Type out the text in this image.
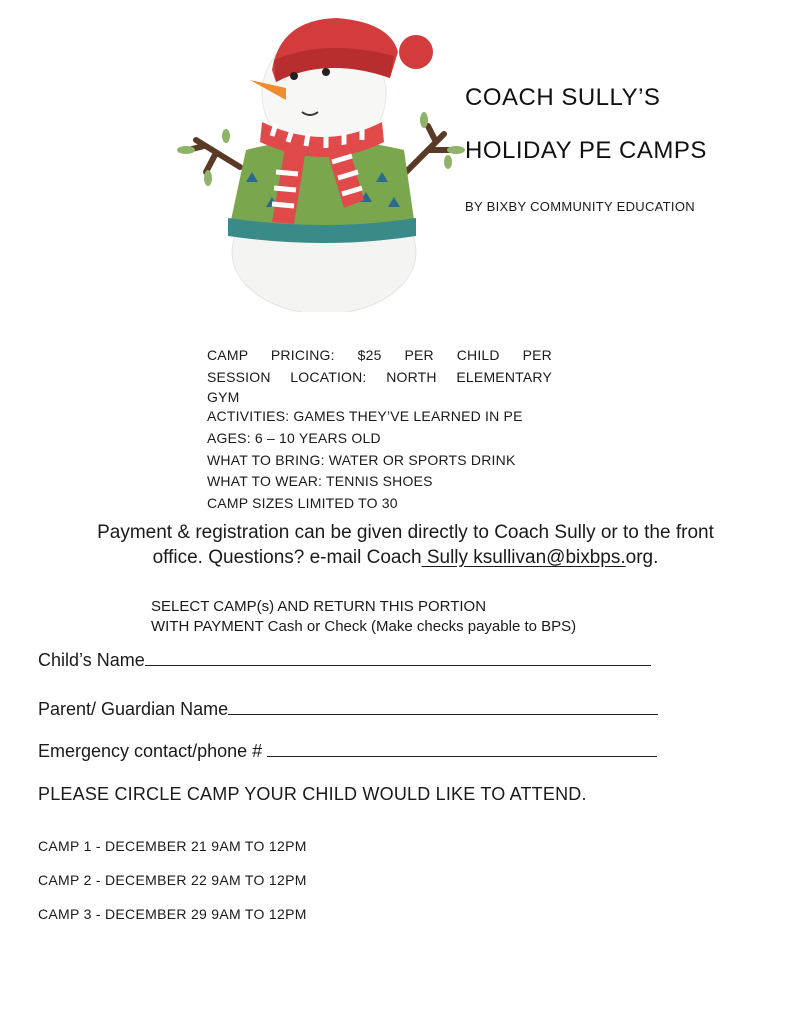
COACH SULLY’S
HOLIDAY PE CAMPS
BY BIXBY COMMUNITY EDUCATION
CAMP PRICING: $25 PER CHILD PER
SESSION LOCATION: NORTH ELEMENTARY
GYM
ACTIVITIES: GAMES THEY’VE LEARNED IN PE
AGES: 6 – 10 YEARS OLD
WHAT TO BRING: WATER OR SPORTS DRINK
WHAT TO WEAR: TENNIS SHOES
CAMP SIZES LIMITED TO 30
Payment & registration can be given directly to Coach Sully or to the front
office. Questions? e-mail Coach Sully ksullivan@bixbps.org.
SELECT CAMP(s) AND RETURN THIS PORTION
WITH PAYMENT Cash or Check (Make checks payable to BPS)
Child’s Name
Parent/ Guardian Name
Emergency contact/phone #
PLEASE CIRCLE CAMP YOUR CHILD WOULD LIKE TO ATTEND.
CAMP 1 - DECEMBER 21 9AM TO 12PM
CAMP 2 - DECEMBER 22 9AM TO 12PM
CAMP 3 - DECEMBER 29 9AM TO 12PM
